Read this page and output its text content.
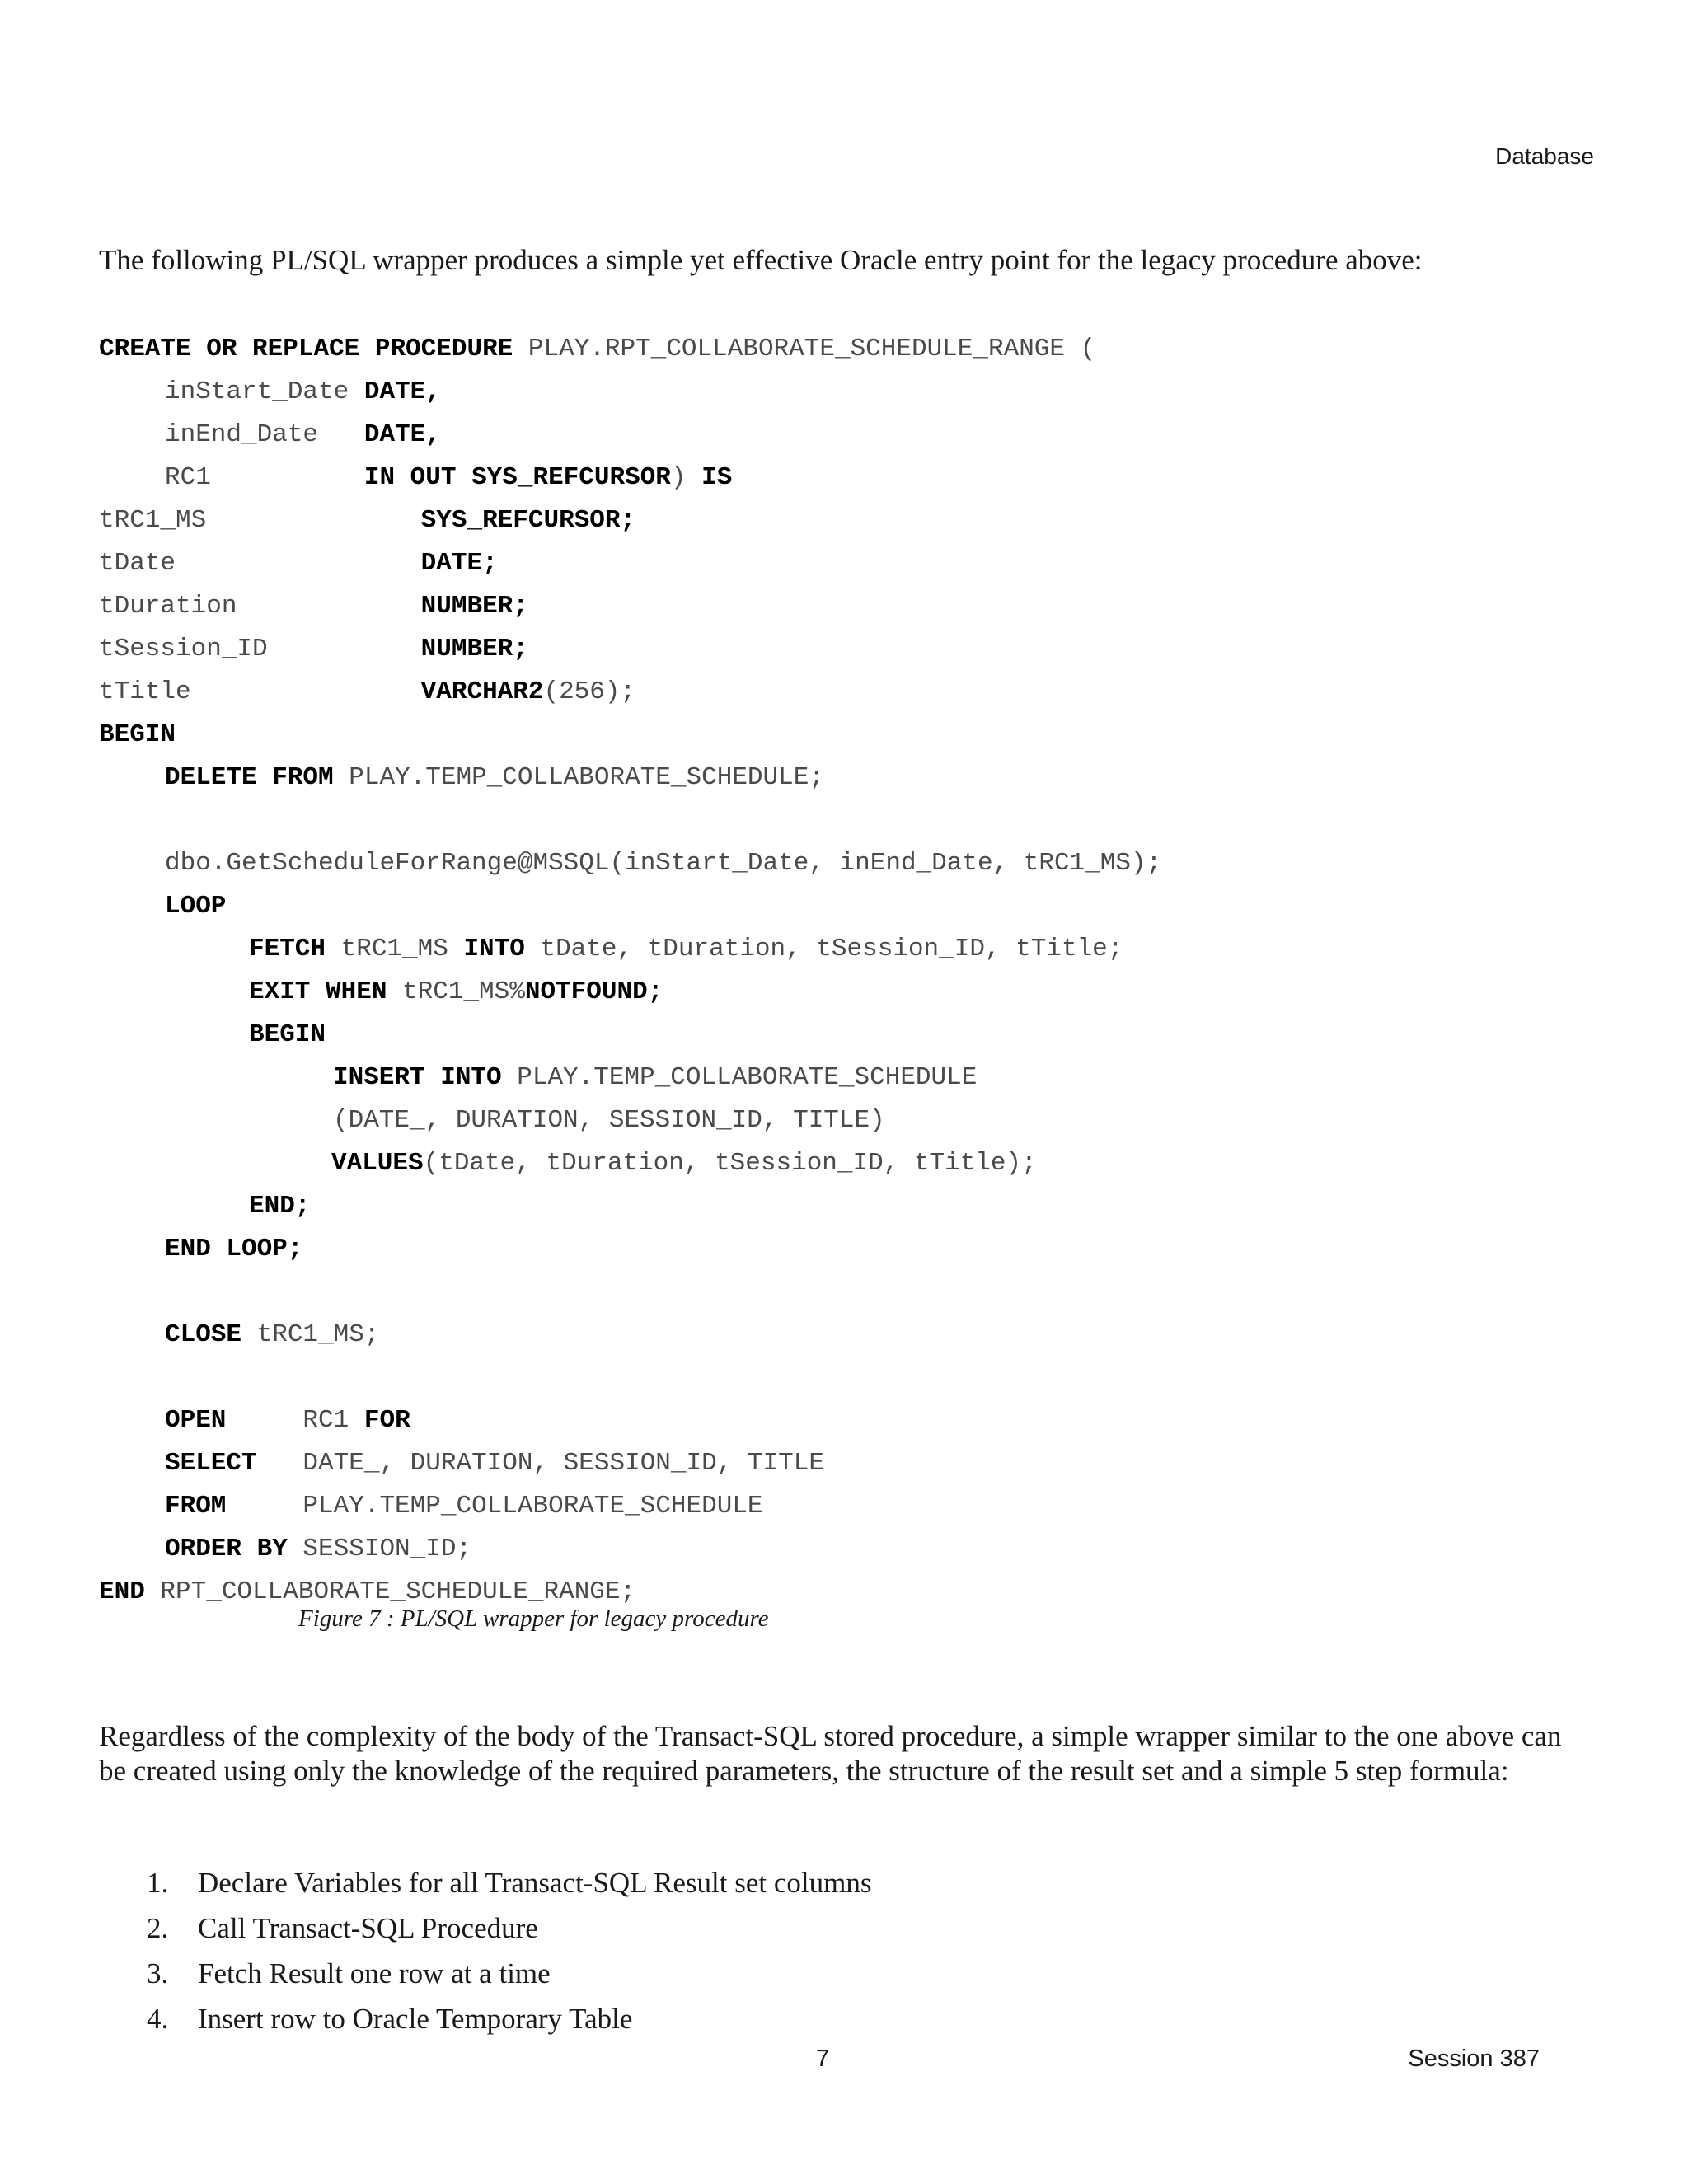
Database
The following PL/SQL wrapper produces a simple yet effective Oracle entry point for the legacy procedure above:
CREATE OR REPLACE PROCEDURE PLAY.RPT_COLLABORATE_SCHEDULE_RANGE (
inStart_Date DATE,
inEnd_Date   DATE,
RC1          IN OUT SYS_REFCURSOR) IS
tRC1_MS              SYS_REFCURSOR;
tDate                DATE;
tDuration            NUMBER;
tSession_ID          NUMBER;
tTitle               VARCHAR2(256);
BEGIN
DELETE FROM PLAY.TEMP_COLLABORATE_SCHEDULE;
dbo.GetScheduleForRange@MSSQL(inStart_Date, inEnd_Date, tRC1_MS);
LOOP
FETCH tRC1_MS INTO tDate, tDuration, tSession_ID, tTitle;
EXIT WHEN tRC1_MS%NOTFOUND;
BEGIN
INSERT INTO PLAY.TEMP_COLLABORATE_SCHEDULE
(DATE_, DURATION, SESSION_ID, TITLE)
VALUES(tDate, tDuration, tSession_ID, tTitle);
END;
END LOOP;
CLOSE tRC1_MS;
OPEN     RC1 FOR
SELECT   DATE_, DURATION, SESSION_ID, TITLE
FROM     PLAY.TEMP_COLLABORATE_SCHEDULE
ORDER BY SESSION_ID;
END RPT_COLLABORATE_SCHEDULE_RANGE;
Figure 7 : PL/SQL wrapper for legacy procedure
Regardless of the complexity of the body of the Transact-SQL stored procedure, a simple wrapper similar to the one above can be created using only the knowledge of the required parameters, the structure of the result set and a simple 5 step formula:
1. Declare Variables for all Transact-SQL Result set columns
2. Call Transact-SQL Procedure
3. Fetch Result one row at a time
4. Insert row to Oracle Temporary Table
7	Session 387
